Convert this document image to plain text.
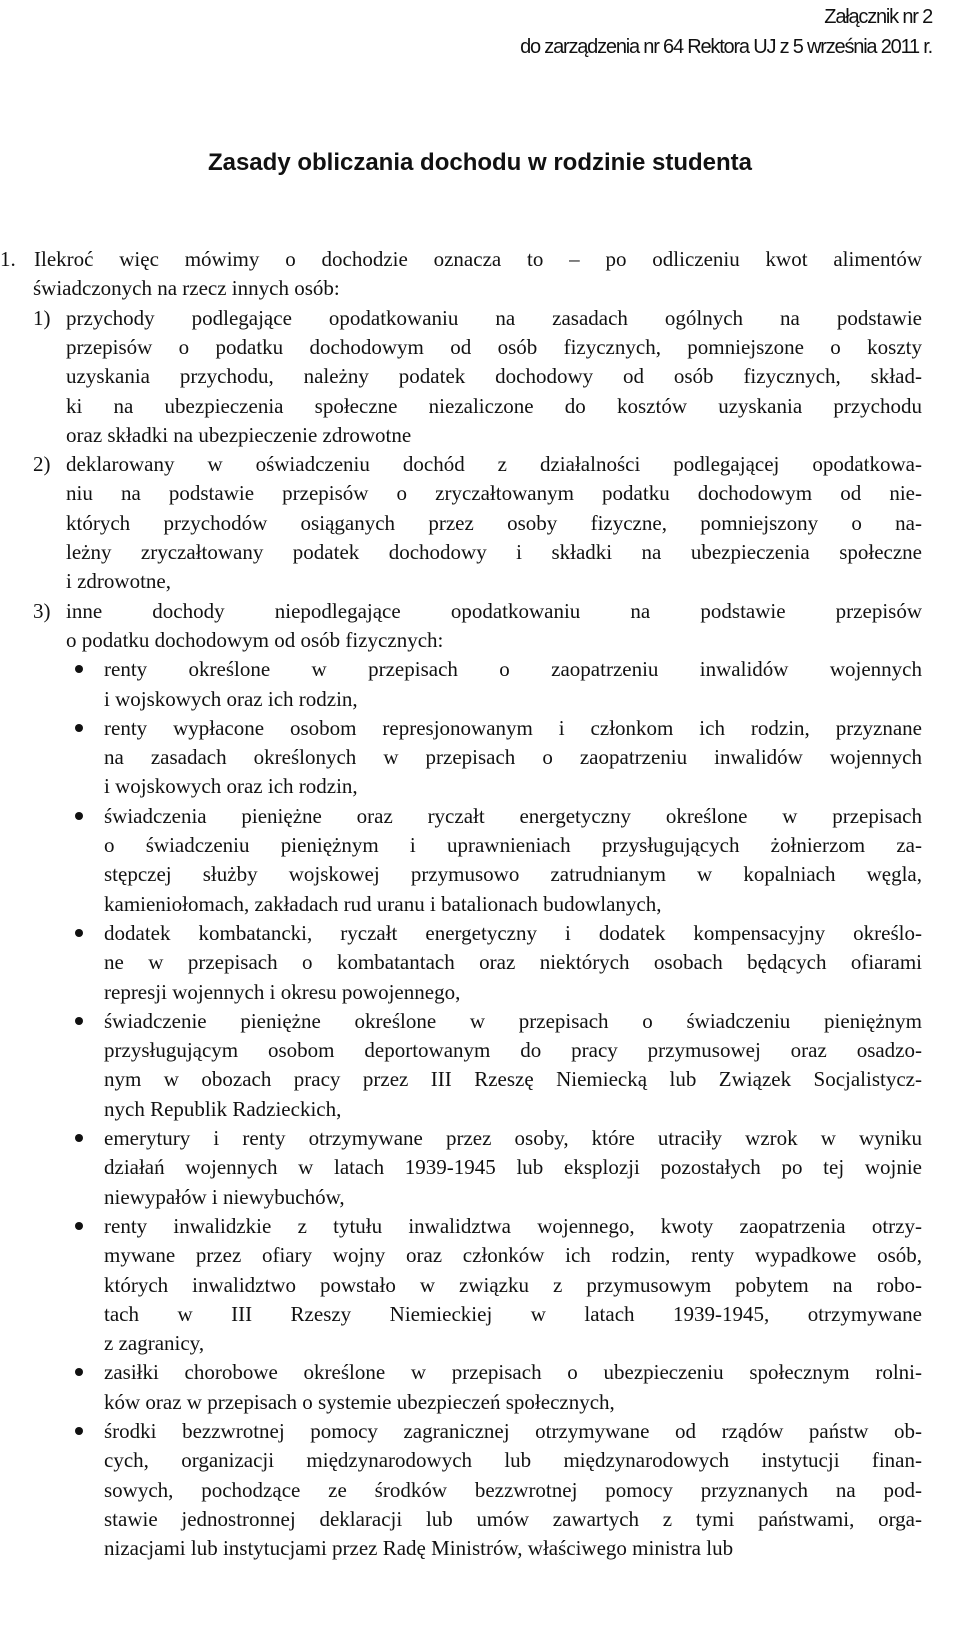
Załącznik nr 2
do zarządzenia nr 64 Rektora UJ z 5 września 2011 r.
Zasady obliczania dochodu w rodzinie studenta
1. Ilekroć więc mówimy o dochodzie oznacza to – po odliczeniu kwot alimentów
świadczonych na rzecz innych osób:
1) przychody podlegające opodatkowaniu na zasadach ogólnych na podstawie
przepisów o podatku dochodowym od osób fizycznych, pomniejszone o koszty
uzyskania przychodu, należny podatek dochodowy od osób fizycznych, skład-
ki na ubezpieczenia społeczne niezaliczone do kosztów uzyskania przychodu
oraz składki na ubezpieczenie zdrowotne
2) deklarowany w oświadczeniu dochód z działalności podlegającej opodatkowa-
niu na podstawie przepisów o zryczałtowanym podatku dochodowym od nie-
których przychodów osiąganych przez osoby fizyczne, pomniejszony o na-
leżny zryczałtowany podatek dochodowy i składki na ubezpieczenia społeczne
i zdrowotne,
3) inne dochody niepodlegające opodatkowaniu na podstawie przepisów
o podatku dochodowym od osób fizycznych:
renty określone w przepisach o zaopatrzeniu inwalidów wojennych
i wojskowych oraz ich rodzin,
renty wypłacone osobom represjonowanym i członkom ich rodzin, przyznane
na zasadach określonych w przepisach o zaopatrzeniu inwalidów wojennych
i wojskowych oraz ich rodzin,
świadczenia pieniężne oraz ryczałt energetyczny określone w przepisach
o świadczeniu pieniężnym i uprawnieniach przysługujących żołnierzom za-
stępczej służby wojskowej przymusowo zatrudnianym w kopalniach węgla,
kamieniołomach, zakładach rud uranu i batalionach budowlanych,
dodatek kombatancki, ryczałt energetyczny i dodatek kompensacyjny określo-
ne w przepisach o kombatantach oraz niektórych osobach będących ofiarami
represji wojennych i okresu powojennego,
świadczenie pieniężne określone w przepisach o świadczeniu pieniężnym
przysługującym osobom deportowanym do pracy przymusowej oraz osadzo-
nym w obozach pracy przez III Rzeszę Niemiecką lub Związek Socjalistycz-
nych Republik Radzieckich,
emerytury i renty otrzymywane przez osoby, które utraciły wzrok w wyniku
działań wojennych w latach 1939-1945 lub eksplozji pozostałych po tej wojnie
niewypałów i niewybuchów,
renty inwalidzkie z tytułu inwalidztwa wojennego, kwoty zaopatrzenia otrzy-
mywane przez ofiary wojny oraz członków ich rodzin, renty wypadkowe osób,
których inwalidztwo powstało w związku z przymusowym pobytem na robo-
tach w III Rzeszy Niemieckiej w latach 1939-1945, otrzymywane
z zagranicy,
zasiłki chorobowe określone w przepisach o ubezpieczeniu społecznym rolni-
ków oraz w przepisach o systemie ubezpieczeń społecznych,
środki bezzwrotnej pomocy zagranicznej otrzymywane od rządów państw ob-
cych, organizacji międzynarodowych lub międzynarodowych instytucji finan-
sowych, pochodzące ze środków bezzwrotnej pomocy przyznanych na pod-
stawie jednostronnej deklaracji lub umów zawartych z tymi państwami, orga-
nizacjami lub instytucjami przez Radę Ministrów, właściwego ministra lub
